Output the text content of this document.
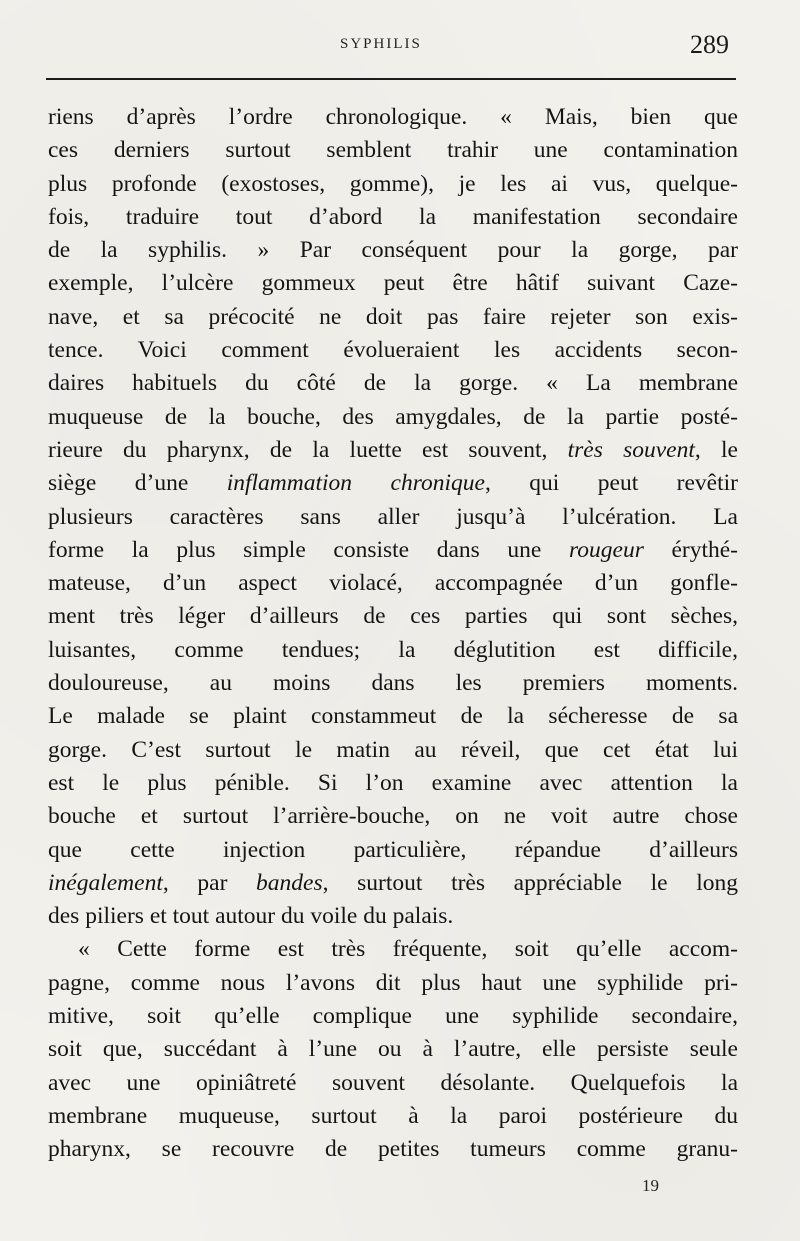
SYPHILIS	289
riens d’après l’ordre chronologique. « Mais, bien que
ces derniers surtout semblent trahir une contamination
plus profonde (exostoses, gomme), je les ai vus, quelque-
fois, traduire tout d’abord la manifestation secondaire
de la syphilis. » Par conséquent pour la gorge, par
exemple, l’ulcère gommeux peut être hâtif suivant Caze-
nave, et sa précocité ne doit pas faire rejeter son exis-
tence. Voici comment évolueraient les accidents secon-
daires habituels du côté de la gorge. « La membrane
muqueuse de la bouche, des amygdales, de la partie posté-
rieure du pharynx, de la luette est souvent, très souvent, le
siège d’une inflammation chronique, qui peut revêtir
plusieurs caractères sans aller jusqu’à l’ulcération. La
forme la plus simple consiste dans une rougeur érythé-
mateuse, d’un aspect violacé, accompagnée d’un gonfle-
ment très léger d’ailleurs de ces parties qui sont sèches,
luisantes, comme tendues; la déglutition est difficile,
douloureuse, au moins dans les premiers moments.
Le malade se plaint constammeut de la sécheresse de sa
gorge. C’est surtout le matin au réveil, que cet état lui
est le plus pénible. Si l’on examine avec attention la
bouche et surtout l’arrière-bouche, on ne voit autre chose
que cette injection particulière, répandue d’ailleurs
inégalement, par bandes, surtout très appréciable le long
des piliers et tout autour du voile du palais.
« Cette forme est très fréquente, soit qu’elle accom-
pagne, comme nous l’avons dit plus haut une syphilide pri-
mitive, soit qu’elle complique une syphilide secondaire,
soit que, succédant à l’une ou à l’autre, elle persiste seule
avec une opiniâtreté souvent désolante. Quelquefois la
membrane muqueuse, surtout à la paroi postérieure du
pharynx, se recouvre de petites tumeurs comme granu-
19
